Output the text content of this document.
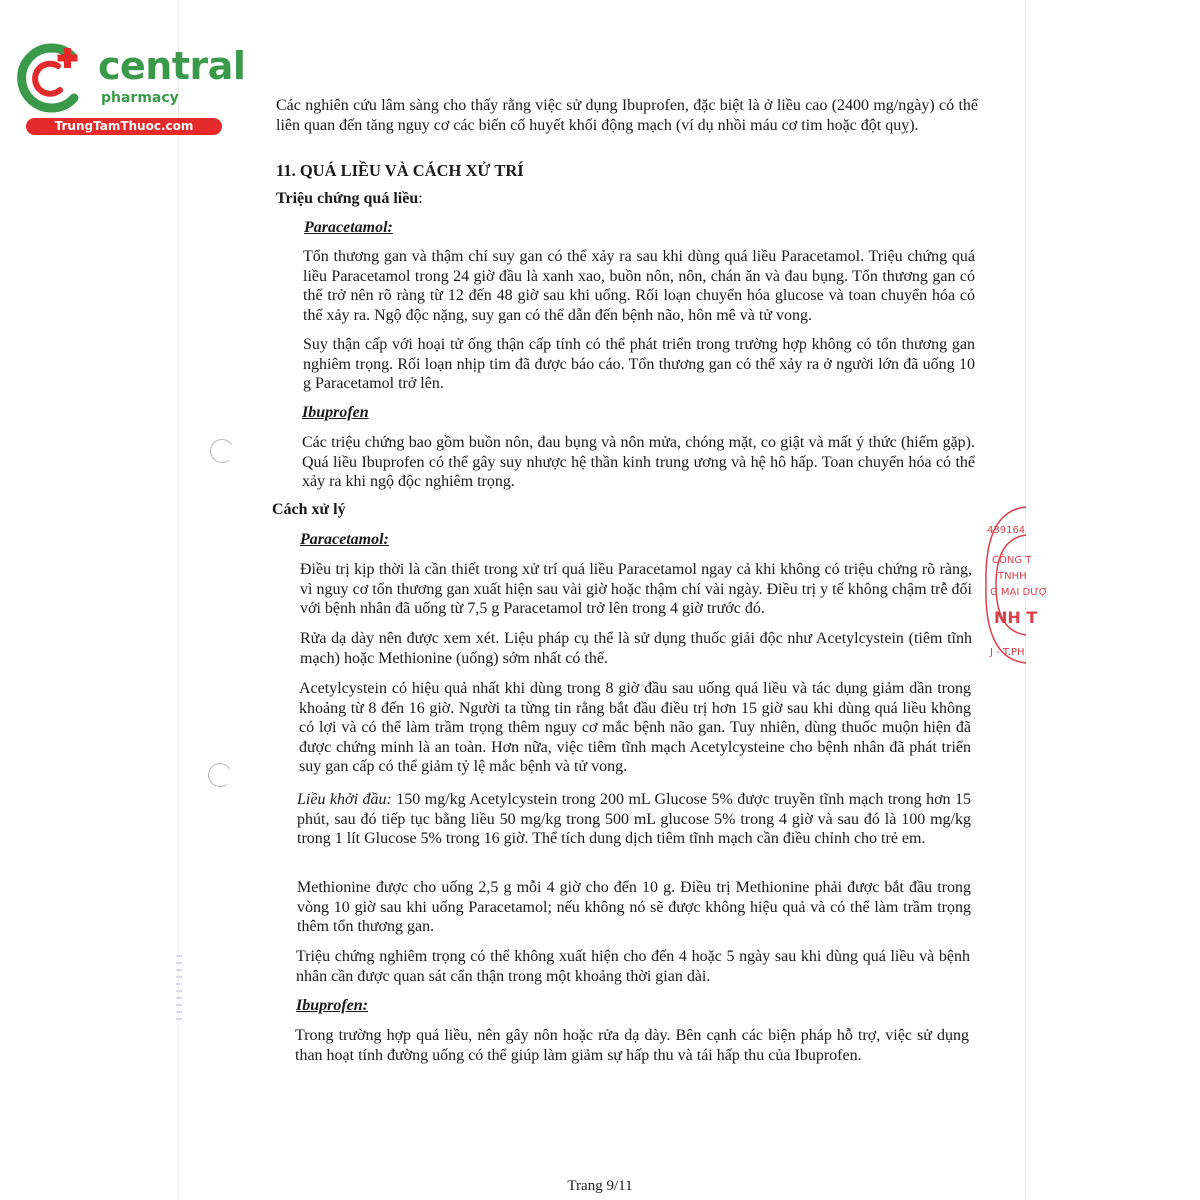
central
pharmacy
TrungTamThuoc.com
439164
CÔNG T
TNHH
G MẠI DƯỢ
NH T
J - T.PH
Các nghiên cứu lâm sàng cho thấy rằng việc sử dụng Ibuprofen, đặc biệt là ở liều cao (2400 mg/ngày) có thể liên quan đến tăng nguy cơ các biến cố huyết khối động mạch (ví dụ nhồi máu cơ tim hoặc đột quỵ).
11. QUÁ LIỀU VÀ CÁCH XỬ TRÍ
Triệu chứng quá liều:
Paracetamol:
Tổn thương gan và thậm chí suy gan có thể xảy ra sau khi dùng quá liều Paracetamol. Triệu chứng quá liều Paracetamol trong 24 giờ đầu là xanh xao, buồn nôn, nôn, chán ăn và đau bụng. Tổn thương gan có thể trở nên rõ ràng từ 12 đến 48 giờ sau khi uống. Rối loạn chuyển hóa glucose và toan chuyển hóa có thể xảy ra. Ngộ độc nặng, suy gan có thể dẫn đến bệnh não, hôn mê và tử vong.
Suy thận cấp với hoại tử ống thận cấp tính có thể phát triển trong trường hợp không có tổn thương gan nghiêm trọng. Rối loạn nhịp tim đã được báo cáo. Tổn thương gan có thể xảy ra ở người lớn đã uống 10 g Paracetamol trở lên.
Ibuprofen
Các triệu chứng bao gồm buồn nôn, đau bụng và nôn mửa, chóng mặt, co giật và mất ý thức (hiếm gặp). Quá liều Ibuprofen có thể gây suy nhược hệ thần kinh trung ương và hệ hô hấp. Toan chuyển hóa có thể xảy ra khi ngộ độc nghiêm trọng.
Cách xử lý
Paracetamol:
Điều trị kịp thời là cần thiết trong xử trí quá liều Paracetamol ngay cả khi không có triệu chứng rõ ràng, vì nguy cơ tổn thương gan xuất hiện sau vài giờ hoặc thậm chí vài ngày. Điều trị y tế không chậm trễ đối với bệnh nhân đã uống từ 7,5 g Paracetamol trở lên trong 4 giờ trước đó.
Rửa dạ dày nên được xem xét. Liệu pháp cụ thể là sử dụng thuốc giải độc như Acetylcystein (tiêm tĩnh mạch) hoặc Methionine (uống) sớm nhất có thể.
Acetylcystein có hiệu quả nhất khi dùng trong 8 giờ đầu sau uống quá liều và tác dụng giảm dần trong khoảng từ 8 đến 16 giờ. Người ta từng tin rằng bắt đầu điều trị hơn 15 giờ sau khi dùng quá liều không có lợi và có thể làm trầm trọng thêm nguy cơ mắc bệnh não gan. Tuy nhiên, dùng thuốc muộn hiện đã được chứng minh là an toàn. Hơn nữa, việc tiêm tĩnh mạch Acetylcysteine cho bệnh nhân đã phát triển suy gan cấp có thể giảm tỷ lệ mắc bệnh và tử vong.
Liều khởi đầu: 150 mg/kg Acetylcystein trong 200 mL Glucose 5% được truyền tĩnh mạch trong hơn 15 phút, sau đó tiếp tục bằng liều 50 mg/kg trong 500 mL glucose 5% trong 4 giờ và sau đó là 100 mg/kg trong 1 lít Glucose 5% trong 16 giờ. Thể tích dung dịch tiêm tĩnh mạch cần điều chỉnh cho trẻ em.
Methionine được cho uống 2,5 g mỗi 4 giờ cho đến 10 g. Điều trị Methionine phải được bắt đầu trong vòng 10 giờ sau khi uống Paracetamol; nếu không nó sẽ được không hiệu quả và có thể làm trầm trọng thêm tổn thương gan.
Triệu chứng nghiêm trọng có thể không xuất hiện cho đến 4 hoặc 5 ngày sau khi dùng quá liều và bệnh nhân cần được quan sát cẩn thận trong một khoảng thời gian dài.
Ibuprofen:
Trong trường hợp quá liều, nên gây nôn hoặc rửa dạ dày. Bên cạnh các biện pháp hỗ trợ, việc sử dụng than hoạt tính đường uống có thể giúp làm giảm sự hấp thu và tái hấp thu của Ibuprofen.
Trang 9/11
